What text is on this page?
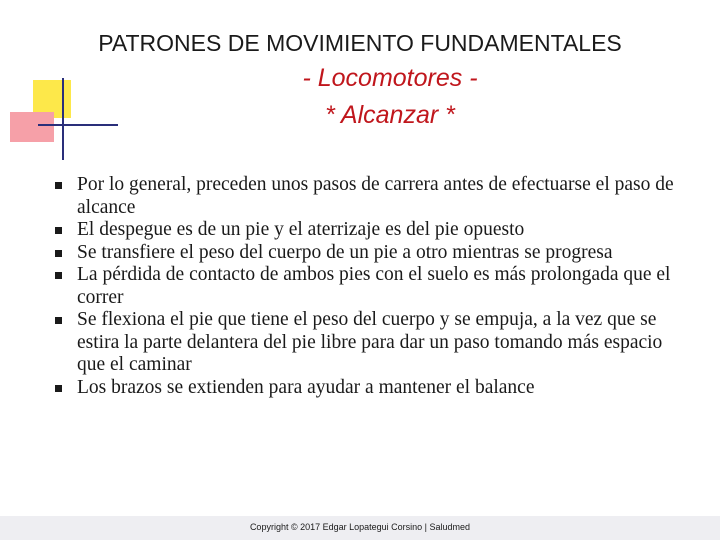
PATRONES DE MOVIMIENTO FUNDAMENTALES
- Locomotores -
* Alcanzar *
Por lo general, preceden unos pasos de carrera antes de efectuarse el paso de alcance
El despegue es de un pie y el aterrizaje es del pie opuesto
Se transfiere el peso del cuerpo de un pie a otro mientras se progresa
La pérdida de contacto de ambos pies con el suelo es más prolongada que el correr
Se flexiona el pie que tiene el peso del cuerpo y se empuja, a la vez que se estira la parte delantera del pie libre para dar un paso tomando más espacio que el caminar
Los brazos se extienden para ayudar a mantener el balance
Copyright © 2017 Edgar Lopategui Corsino | Saludmed
